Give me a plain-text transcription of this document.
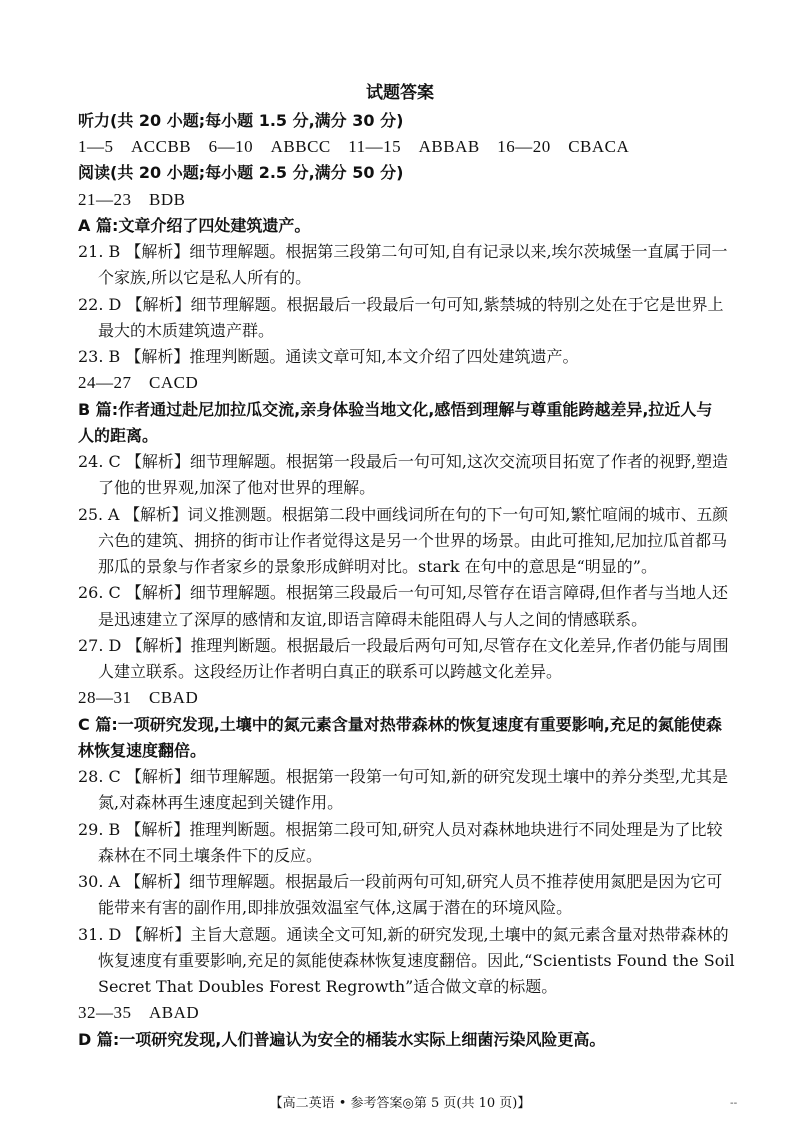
试题答案
听力(共 20 小题;每小题 1.5 分,满分 30 分)
1—5　ACCBB　6—10　ABBCC　11—15　ABBAB　16—20　CBACA
阅读(共 20 小题;每小题 2.5 分,满分 50 分)
21—23　BDB
A 篇:文章介绍了四处建筑遗产。
21. B 【解析】细节理解题。根据第三段第二句可知,自有记录以来,埃尔茨城堡一直属于同一
个家族,所以它是私人所有的。
22. D 【解析】细节理解题。根据最后一段最后一句可知,紫禁城的特别之处在于它是世界上
最大的木质建筑遗产群。
23. B 【解析】推理判断题。通读文章可知,本文介绍了四处建筑遗产。
24—27　CACD
B 篇:作者通过赴尼加拉瓜交流,亲身体验当地文化,感悟到理解与尊重能跨越差异,拉近人与
人的距离。
24. C 【解析】细节理解题。根据第一段最后一句可知,这次交流项目拓宽了作者的视野,塑造
了他的世界观,加深了他对世界的理解。
25. A 【解析】词义推测题。根据第二段中画线词所在句的下一句可知,繁忙喧闹的城市、五颜
六色的建筑、拥挤的街市让作者觉得这是另一个世界的场景。由此可推知,尼加拉瓜首都马
那瓜的景象与作者家乡的景象形成鲜明对比。stark 在句中的意思是“明显的”。
26. C 【解析】细节理解题。根据第三段最后一句可知,尽管存在语言障碍,但作者与当地人还
是迅速建立了深厚的感情和友谊,即语言障碍未能阻碍人与人之间的情感联系。
27. D 【解析】推理判断题。根据最后一段最后两句可知,尽管存在文化差异,作者仍能与周围
人建立联系。这段经历让作者明白真正的联系可以跨越文化差异。
28—31　CBAD
C 篇:一项研究发现,土壤中的氮元素含量对热带森林的恢复速度有重要影响,充足的氮能使森
林恢复速度翻倍。
28. C 【解析】细节理解题。根据第一段第一句可知,新的研究发现土壤中的养分类型,尤其是
氮,对森林再生速度起到关键作用。
29. B 【解析】推理判断题。根据第二段可知,研究人员对森林地块进行不同处理是为了比较
森林在不同土壤条件下的反应。
30. A 【解析】细节理解题。根据最后一段前两句可知,研究人员不推荐使用氮肥是因为它可
能带来有害的副作用,即排放强效温室气体,这属于潜在的环境风险。
31. D 【解析】主旨大意题。通读全文可知,新的研究发现,土壤中的氮元素含量对热带森林的
恢复速度有重要影响,充足的氮能使森林恢复速度翻倍。因此,“Scientists Found the Soil
Secret That Doubles Forest Regrowth”适合做文章的标题。
32—35　ABAD
D 篇:一项研究发现,人们普遍认为安全的桶装水实际上细菌污染风险更高。
【高二英语 • 参考答案◎第 5 页(共 10 页)】	--
